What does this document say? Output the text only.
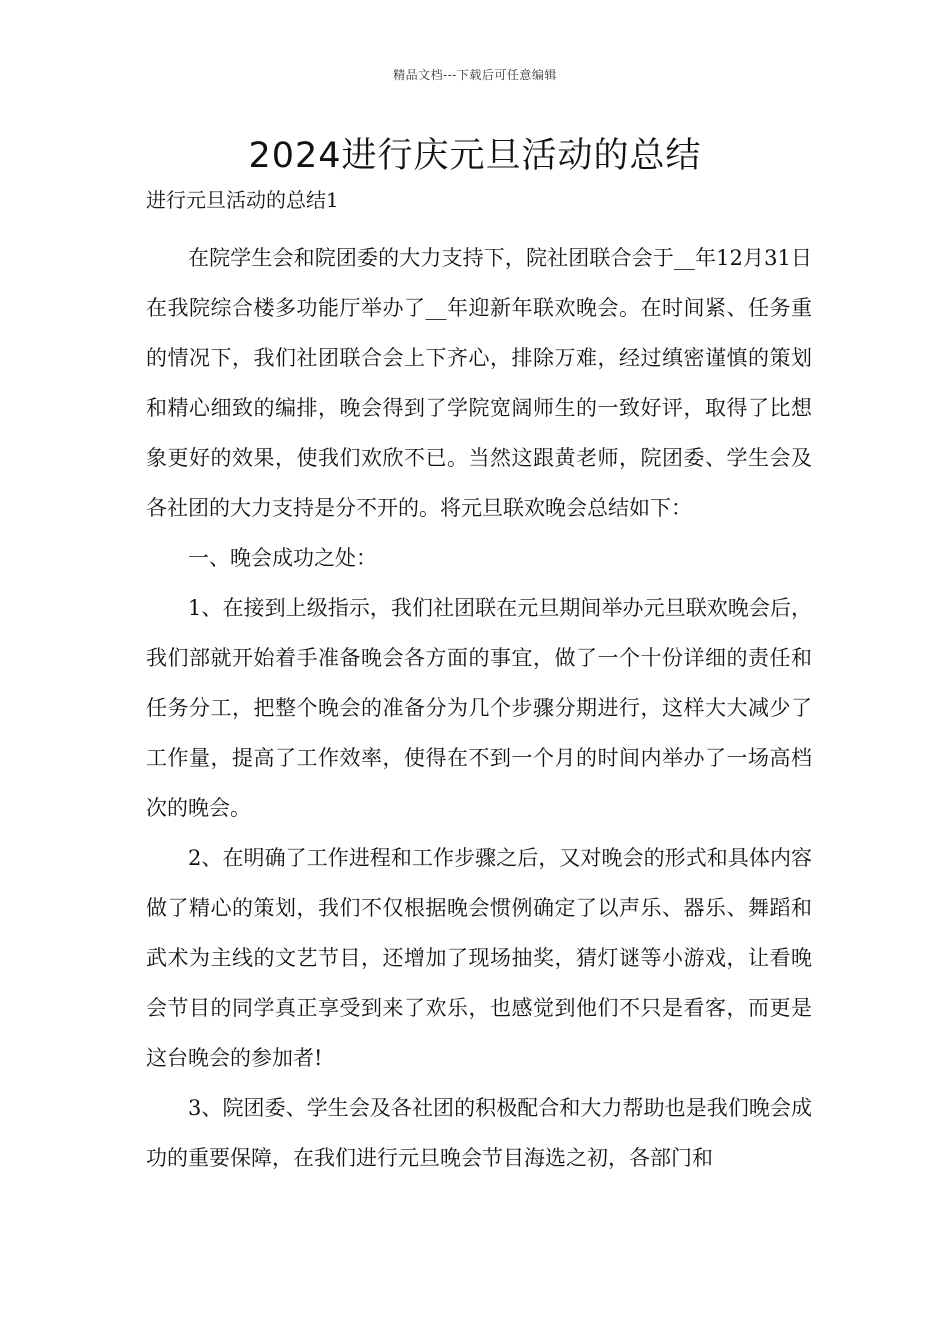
精品文档---下载后可任意编辑
2024进行庆元旦活动的总结

进行元旦活动的总结1

在院学生会和院团委的大力支持下，院社团联合会于__年12月31日在我院综合楼多功能厅举办了__年迎新年联欢晚会。在时间紧、任务重的情况下，我们社团联合会上下齐心，排除万难，经过缜密谨慎的策划和精心细致的编排，晚会得到了学院宽阔师生的一致好评，取得了比想象更好的效果，使我们欢欣不已。当然这跟黄老师，院团委、学生会及各社团的大力支持是分不开的。将元旦联欢晚会总结如下：

一、晚会成功之处：

1、在接到上级指示，我们社团联在元旦期间举办元旦联欢晚会后，我们部就开始着手准备晚会各方面的事宜，做了一个十份详细的责任和任务分工，把整个晚会的准备分为几个步骤分期进行，这样大大减少了工作量，提高了工作效率，使得在不到一个月的时间内举办了一场高档次的晚会。

2、在明确了工作进程和工作步骤之后，又对晚会的形式和具体内容做了精心的策划，我们不仅根据晚会惯例确定了以声乐、器乐、舞蹈和武术为主线的文艺节目，还增加了现场抽奖，猜灯谜等小游戏，让看晚会节目的同学真正享受到来了欢乐，也感觉到他们不只是看客，而更是这台晚会的参加者!

3、院团委、学生会及各社团的积极配合和大力帮助也是我们晚会成功的重要保障，在我们进行元旦晚会节目海选之初，各部门和
